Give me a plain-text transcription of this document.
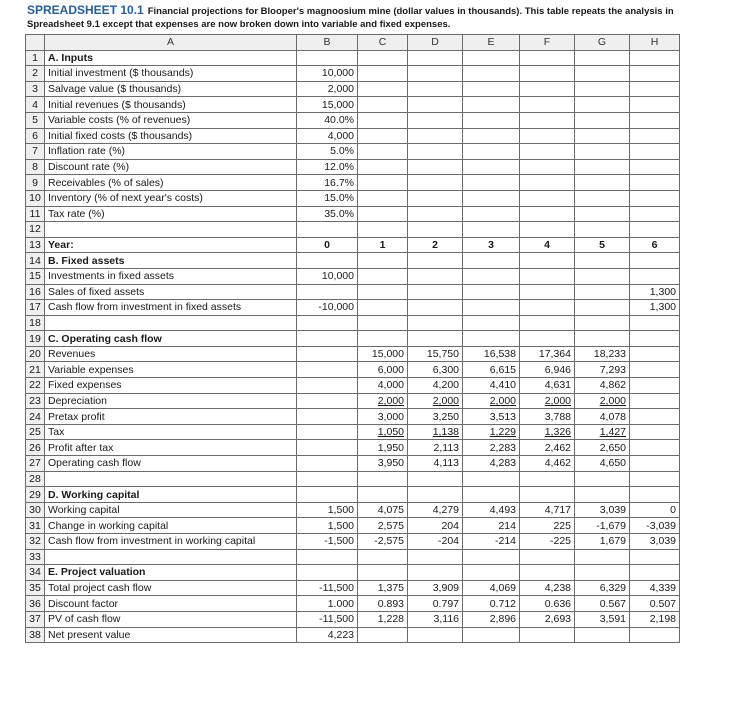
SPREADSHEET 10.1 Financial projections for Blooper's magnoosium mine (dollar values in thousands). This table repeats the analysis in Spreadsheet 9.1 except that expenses are now broken down into variable and fixed expenses.
	A	B	C	D	E	F	G	H
1	A. Inputs							
2	Initial investment ($ thousands)	10,000						
3	Salvage value ($ thousands)	2,000						
4	Initial revenues ($ thousands)	15,000						
5	Variable costs (% of revenues)	40.0%						
6	Initial fixed costs ($ thousands)	4,000						
7	Inflation rate (%)	5.0%						
8	Discount rate (%)	12.0%						
9	Receivables (% of sales)	16.7%						
10	Inventory (% of next year's costs)	15.0%						
11	Tax rate (%)	35.0%						
12								
13	Year:	0	1	2	3	4	5	6
14	B. Fixed assets							
15	Investments in fixed assets	10,000						
16	Sales of fixed assets							1,300
17	Cash flow from investment in fixed assets	-10,000						1,300
18								
19	C. Operating cash flow							
20	Revenues		15,000	15,750	16,538	17,364	18,233	
21	Variable expenses		6,000	6,300	6,615	6,946	7,293	
22	Fixed expenses		4,000	4,200	4,410	4,631	4,862	
23	Depreciation		2,000	2,000	2,000	2,000	2,000	
24	Pretax profit		3,000	3,250	3,513	3,788	4,078	
25	Tax		1,050	1,138	1,229	1,326	1,427	
26	Profit after tax		1,950	2,113	2,283	2,462	2,650	
27	Operating cash flow		3,950	4,113	4,283	4,462	4,650	
28								
29	D. Working capital							
30	Working capital	1,500	4,075	4,279	4,493	4,717	3,039	0
31	Change in working capital	1,500	2,575	204	214	225	-1,679	-3,039
32	Cash flow from investment in working capital	-1,500	-2,575	-204	-214	-225	1,679	3,039
33								
34	E. Project valuation							
35	Total project cash flow	-11,500	1,375	3,909	4,069	4,238	6,329	4,339
36	Discount factor	1.000	0.893	0.797	0.712	0.636	0.567	0.507
37	PV of cash flow	-11,500	1,228	3,116	2,896	2,693	3,591	2,198
38	Net present value	4,223						
